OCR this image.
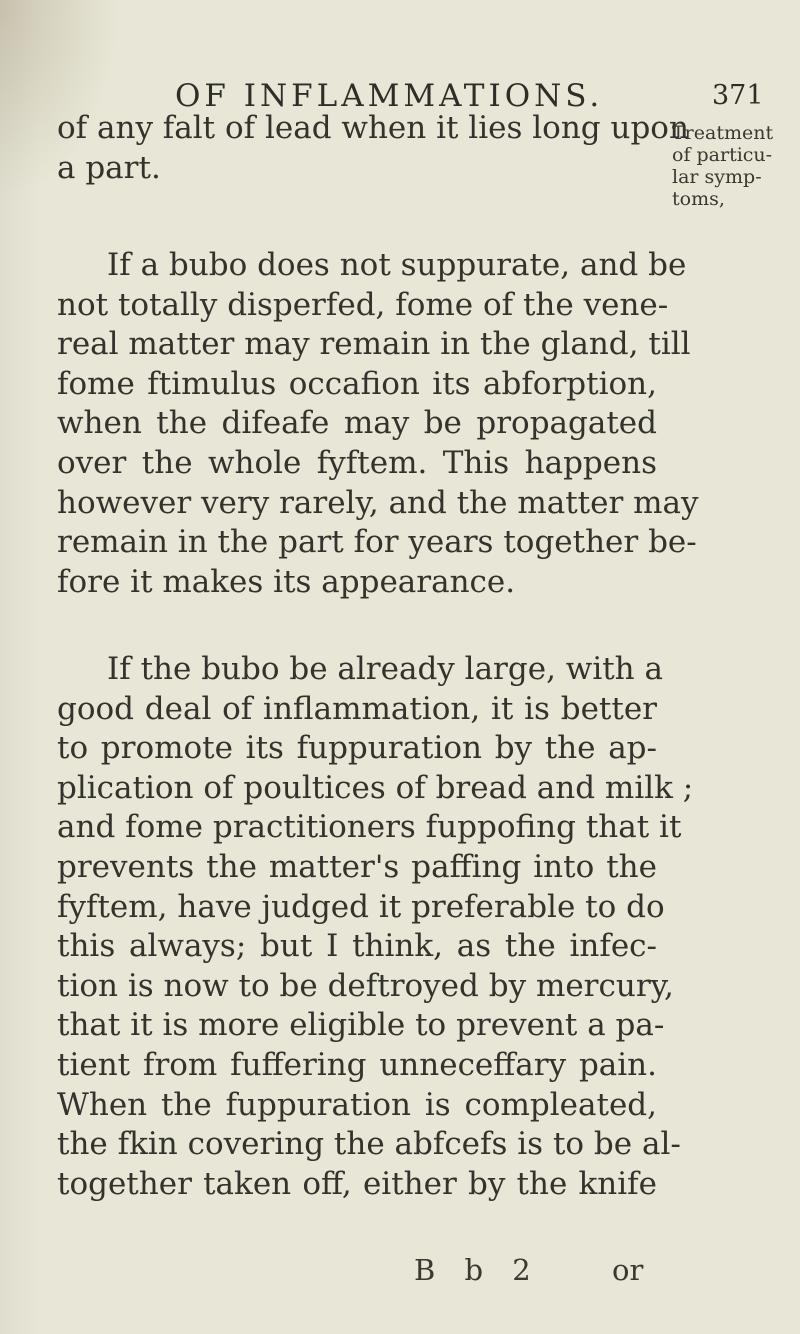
OF INFLAMMATIONS.	371
Treatment
of particu-
lar symp-
toms,
of any falt of lead when it lies long upon
a part.
If a bubo does not suppurate, and be
not totally disperfed, fome of the vene-
real matter may remain in the gland, till
fome ftimulus occafion its abforption,
when the difeafe may be propagated
over the whole fyftem. This happens
however very rarely, and the matter may
remain in the part for years together be-
fore it makes its appearance.
If the bubo be already large, with a
good deal of inflammation, it is better
to promote its fuppuration by the ap-
plication of poultices of bread and milk ;
and fome practitioners fuppofing that it
prevents the matter's paffing into the
fyftem, have judged it preferable to do
this always; but I think, as the infec-
tion is now to be deftroyed by mercury,
that it is more eligible to prevent a pa-
tient from fuffering unneceffary pain.
When the fuppuration is compleated,
the fkin covering the abfcefs is to be al-
together taken off, either by the knife
B b 2 or
